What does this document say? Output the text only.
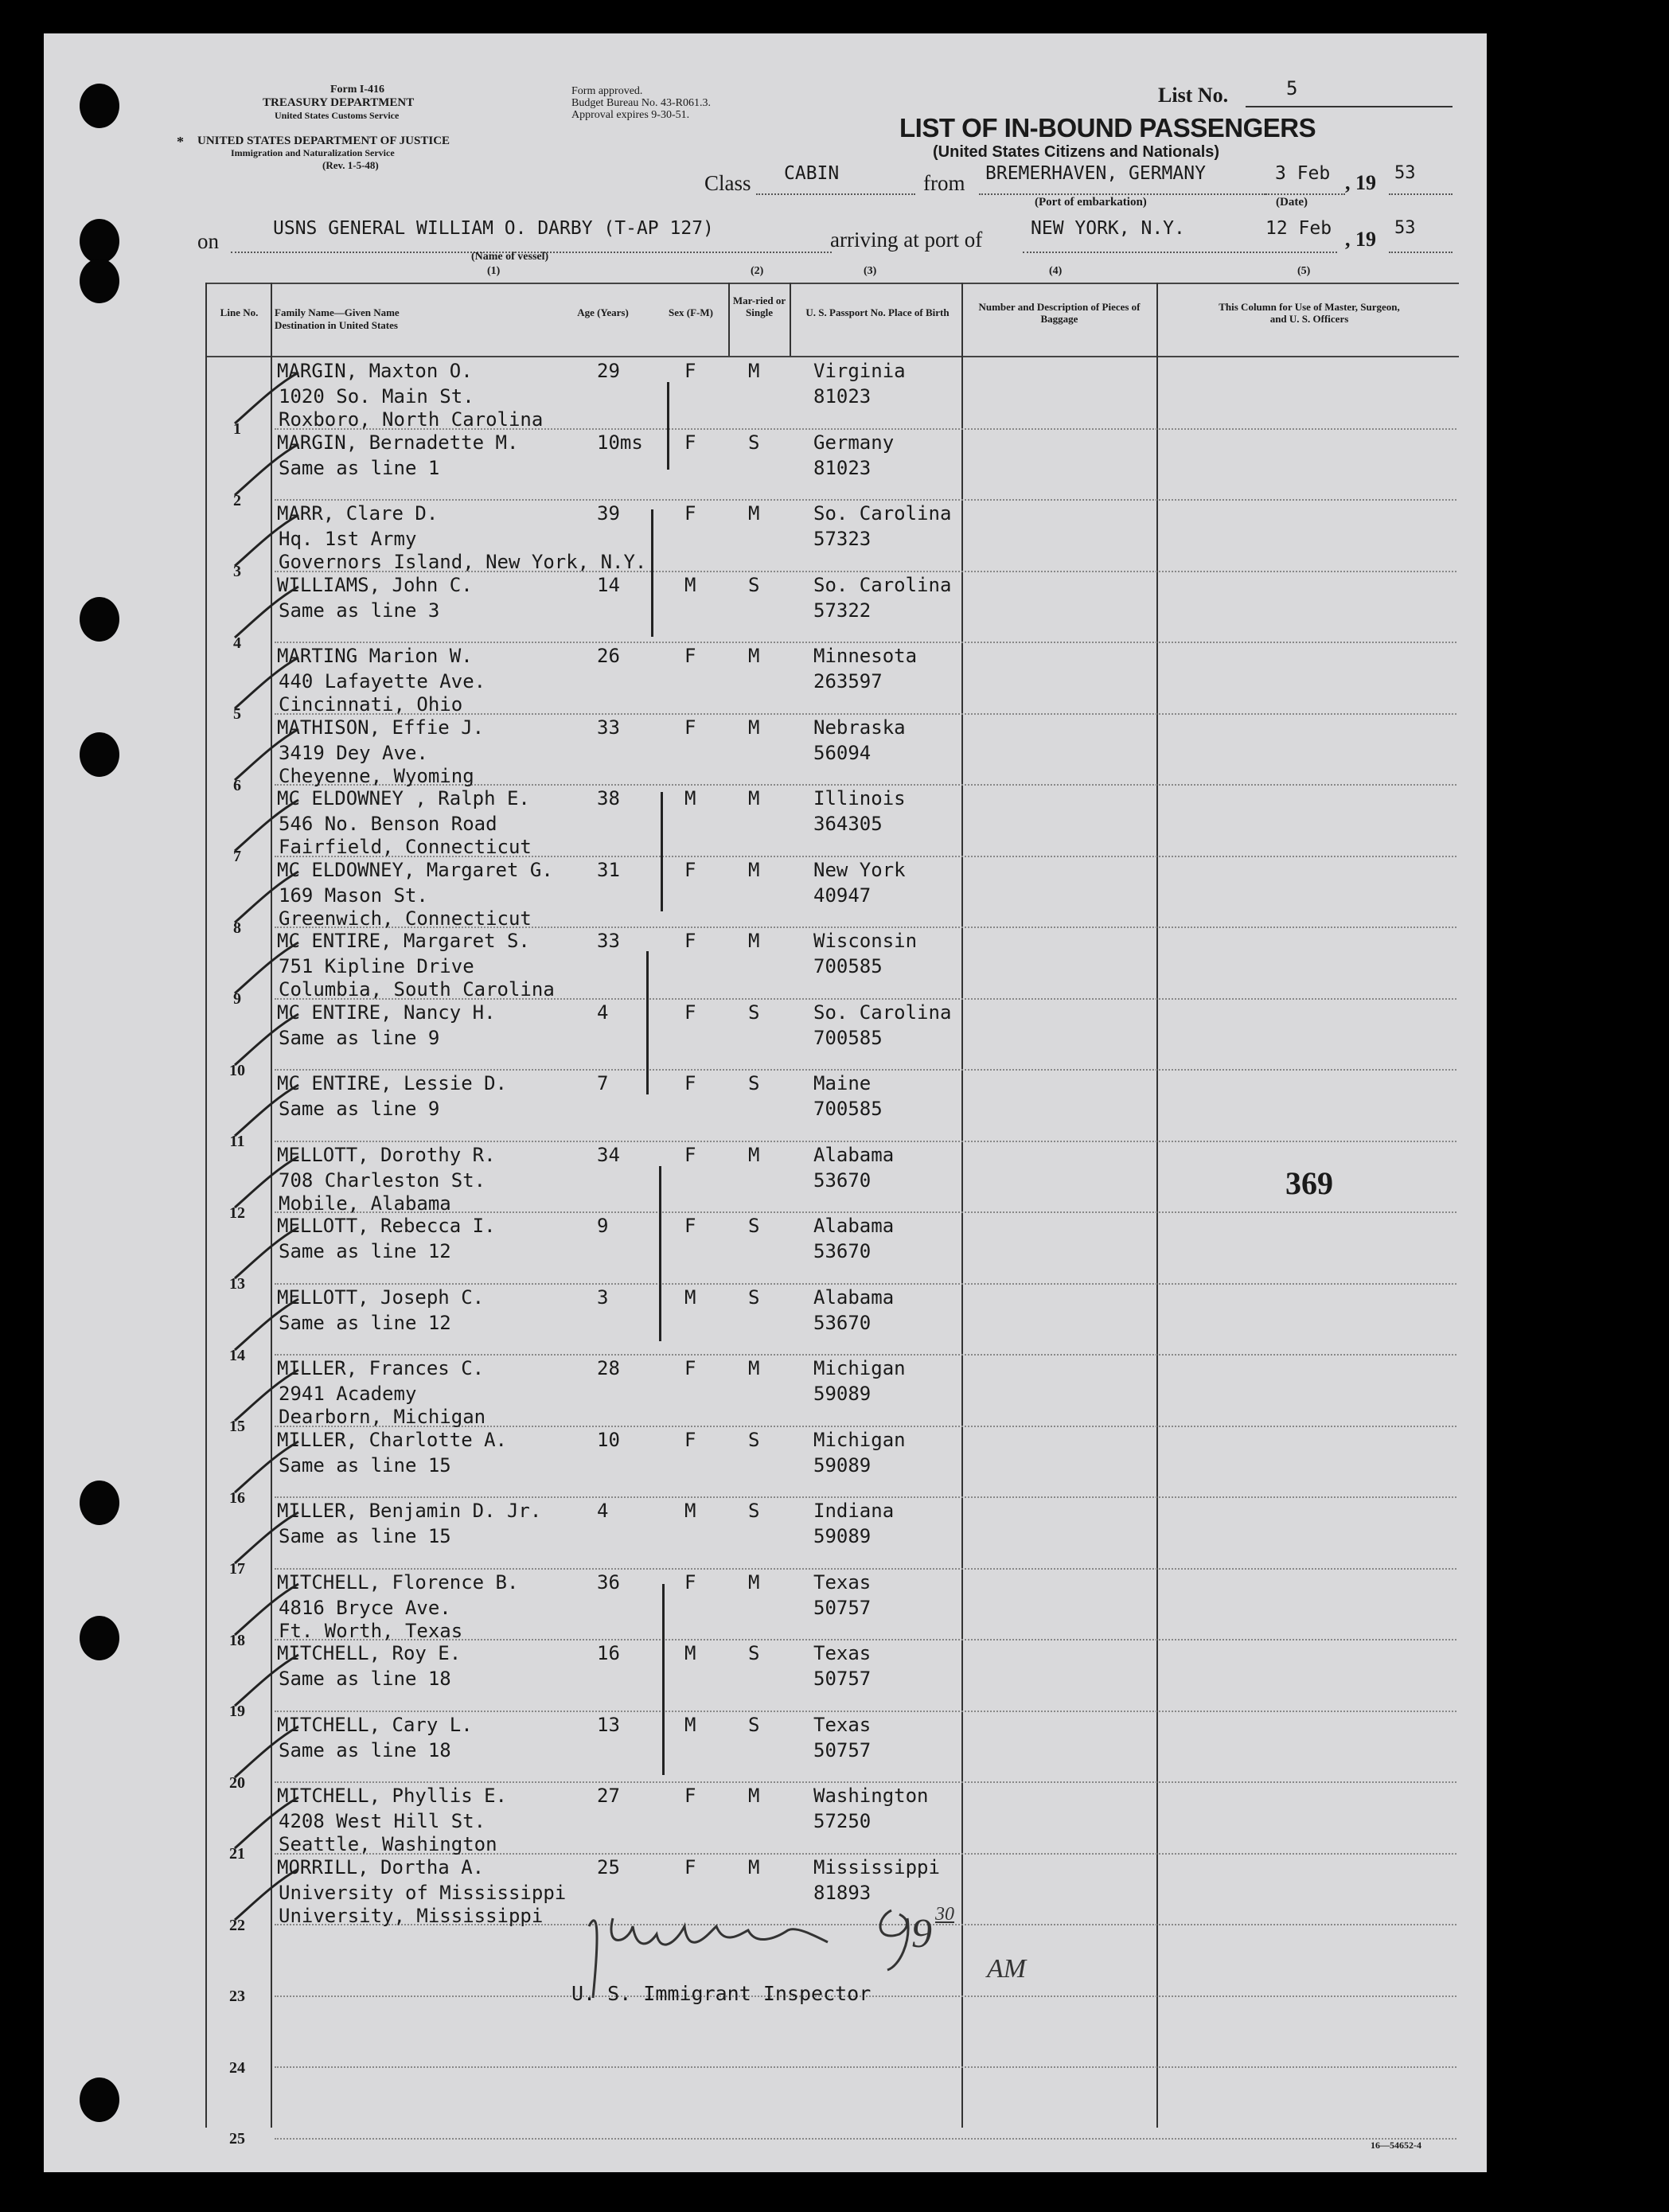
Form I-416
TREASURY DEPARTMENT
United States Customs Service
UNITED STATES DEPARTMENT OF JUSTICE
Immigration and Naturalization Service
(Rev. 1-5-48)
*
Form approved.
Budget Bureau No. 43-R061.3.
Approval expires 9-30-51.	LIST OF IN-BOUND PASSENGERS
(United States Citizens and Nationals)
List No.	5
Class CABIN	from BREMERHAVEN, GERMANY	3 Feb , 19 53
(Port of embarkation)	(Date)
on
USNS GENERAL WILLIAM O. DARBY (T-AP 127)	arriving at port of	NEW YORK, N.Y.	12 Feb , 19 53
(Name of vessel)
(1)	(2)	(3)	(4)	(5)
Line No.	Family Name—Given Name
Destination in United States
Age (Years)	Sex (F-M)
Mar-ried or Single	U. S. Passport No. Place of Birth	Number and Description of Pieces of Baggage
This Column for Use of Master, Surgeon, and U. S. Officers
1
MARGIN, Maxton O.
1020 So. Main St.
Roxboro, North Carolina
29	F	M	Virginia
81023
2
MARGIN, Bernadette M.
Same as line 1
10ms F	S	Germany
81023
3
MARR, Clare D.
Hq. 1st Army
Governors Island, New York, N.Y.
39	F	M	So. Carolina
57323
4
WILLIAMS, John C.
Same as line 3
14	M	S	So. Carolina
57322
5
MARTING Marion W.
440 Lafayette Ave.
Cincinnati, Ohio
26	F	M	Minnesota
263597
6
MATHISON, Effie J.
3419 Dey Ave.
Cheyenne, Wyoming
33	F	M	Nebraska
56094
7
MC ELDOWNEY , Ralph E.
546 No. Benson Road
Fairfield, Connecticut
38	M	M	Illinois
364305
8
MC ELDOWNEY, Margaret G.
169 Mason St.
Greenwich, Connecticut
31	F	M	New York
40947
9
MC ENTIRE, Margaret S.
751 Kipline Drive
Columbia, South Carolina
33	F	M	Wisconsin
700585
10
MC ENTIRE, Nancy H.
Same as line 9
4	F	S	So. Carolina
700585
11
MC ENTIRE, Lessie D.
Same as line 9
7	F	S	Maine
700585
12
MELLOTT, Dorothy R.
708 Charleston St.
Mobile, Alabama
34	F	M	Alabama
53670
13
MELLOTT, Rebecca I.
Same as line 12
9	F	S	Alabama
53670
14
MELLOTT, Joseph C.
Same as line 12
3	M	S	Alabama
53670
15
MILLER, Frances C.
2941 Academy
Dearborn, Michigan
28	F	M	Michigan
59089
16
MILLER, Charlotte A.
Same as line 15
10	F	S	Michigan
59089
17
MILLER, Benjamin D. Jr.
Same as line 15
4	M	S	Indiana
59089
18
MITCHELL, Florence B.
4816 Bryce Ave.
Ft. Worth, Texas
36	F	M	Texas
50757
19
MITCHELL, Roy E.
Same as line 18
16	M	S	Texas
50757
20
MITCHELL, Cary L.
Same as line 18
13	M	S	Texas
50757
21
MITCHELL, Phyllis E.
4208 West Hill St.
Seattle, Washington
27	F	M	Washington
57250
22
MORRILL, Dortha A.
University of Mississippi
University, Mississippi
25	F	M	Mississippi
81893
23
24
25
369
U. S. Immigrant Inspector
9 30
AM
16—54652-4
